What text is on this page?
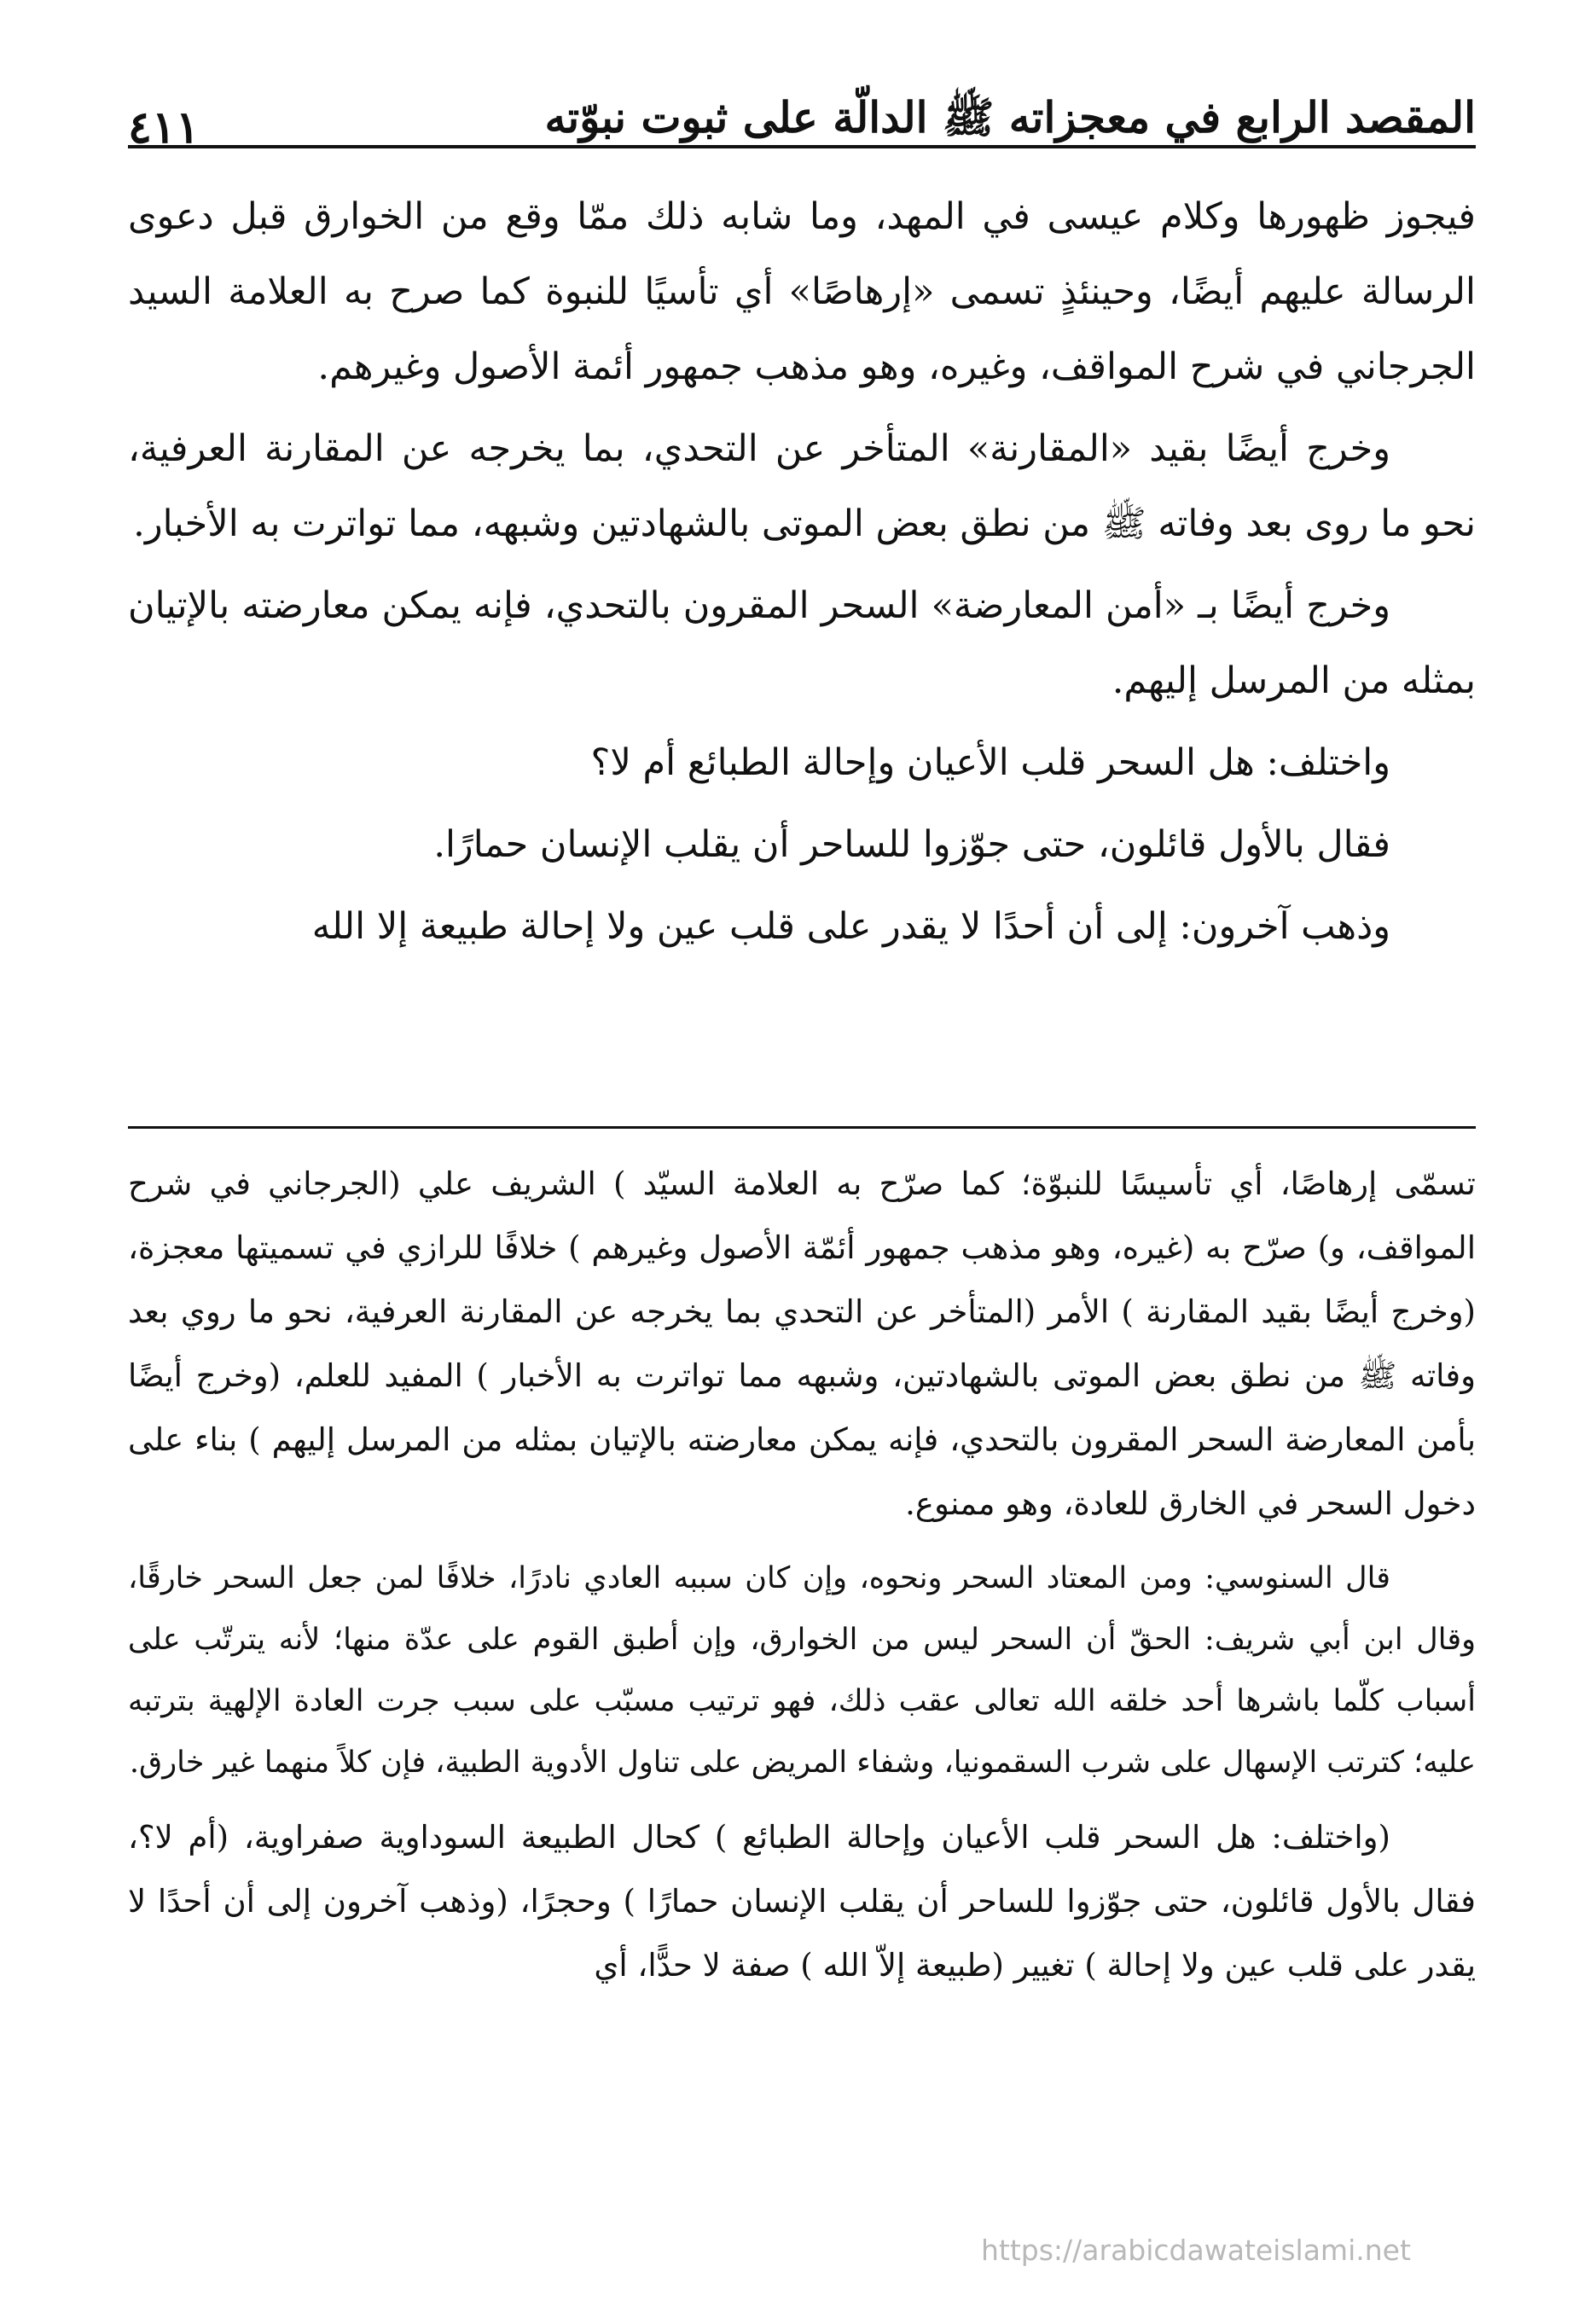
المقصد الرابع في معجزاته ﷺ الدالّة على ثبوت نبوّته
٤١١

فيجوز ظهورها وكلام عيسى في المهد، وما شابه ذلك ممّا وقع من الخوارق قبل دعوى الرسالة عليهم أيضًا، وحينئذٍ تسمى «إرهاصًا» أي تأسيًا للنبوة كما صرح به العلامة السيد الجرجاني في شرح المواقف، وغيره، وهو مذهب جمهور أئمة الأصول وغيرهم.

وخرج أيضًا بقيد «المقارنة» المتأخر عن التحدي، بما يخرجه عن المقارنة العرفية، نحو ما روى بعد وفاته ﷺ من نطق بعض الموتى بالشهادتين وشبهه، مما تواترت به الأخبار.

وخرج أيضًا بـ «أمن المعارضة» السحر المقرون بالتحدي، فإنه يمكن معارضته بالإتيان بمثله من المرسل إليهم.

واختلف: هل السحر قلب الأعيان وإحالة الطبائع أم لا؟

فقال بالأول قائلون، حتى جوّزوا للساحر أن يقلب الإنسان حمارًا.

وذهب آخرون: إلى أن أحدًا لا يقدر على قلب عين ولا إحالة طبيعة إلا الله

تسمّى إرهاصًا، أي تأسيسًا للنبوّة؛ كما صرّح به العلامة السيّد ) الشريف علي (الجرجاني في شرح المواقف، و) صرّح به (غيره، وهو مذهب جمهور أئمّة الأصول وغيرهم ) خلافًا للرازي في تسميتها معجزة، (وخرج أيضًا بقيد المقارنة ) الأمر (المتأخر عن التحدي بما يخرجه عن المقارنة العرفية، نحو ما روي بعد وفاته ﷺ من نطق بعض الموتى بالشهادتين، وشبهه مما تواترت به الأخبار ) المفيد للعلم، (وخرج أيضًا بأمن المعارضة السحر المقرون بالتحدي، فإنه يمكن معارضته بالإتيان بمثله من المرسل إليهم ) بناء على دخول السحر في الخارق للعادة، وهو ممنوع.

قال السنوسي: ومن المعتاد السحر ونحوه، وإن كان سببه العادي نادرًا، خلافًا لمن جعل السحر خارقًا، وقال ابن أبي شريف: الحقّ أن السحر ليس من الخوارق، وإن أطبق القوم على عدّة منها؛ لأنه يترتّب على أسباب كلّما باشرها أحد خلقه الله تعالى عقب ذلك، فهو ترتيب مسبّب على سبب جرت العادة الإلهية بترتبه عليه؛ كترتب الإسهال على شرب السقمونيا، وشفاء المريض على تناول الأدوية الطبية، فإن كلاً منهما غير خارق.

(واختلف: هل السحر قلب الأعيان وإحالة الطبائع ) كحال الطبيعة السوداوية صفراوية، (أم لا؟، فقال بالأول قائلون، حتى جوّزوا للساحر أن يقلب الإنسان حمارًا ) وحجرًا، (وذهب آخرون إلى أن أحدًا لا يقدر على قلب عين ولا إحالة ) تغيير (طبيعة إلاّ الله ) صفة لا حدًّا، أي

https://arabicdawateislami.net
